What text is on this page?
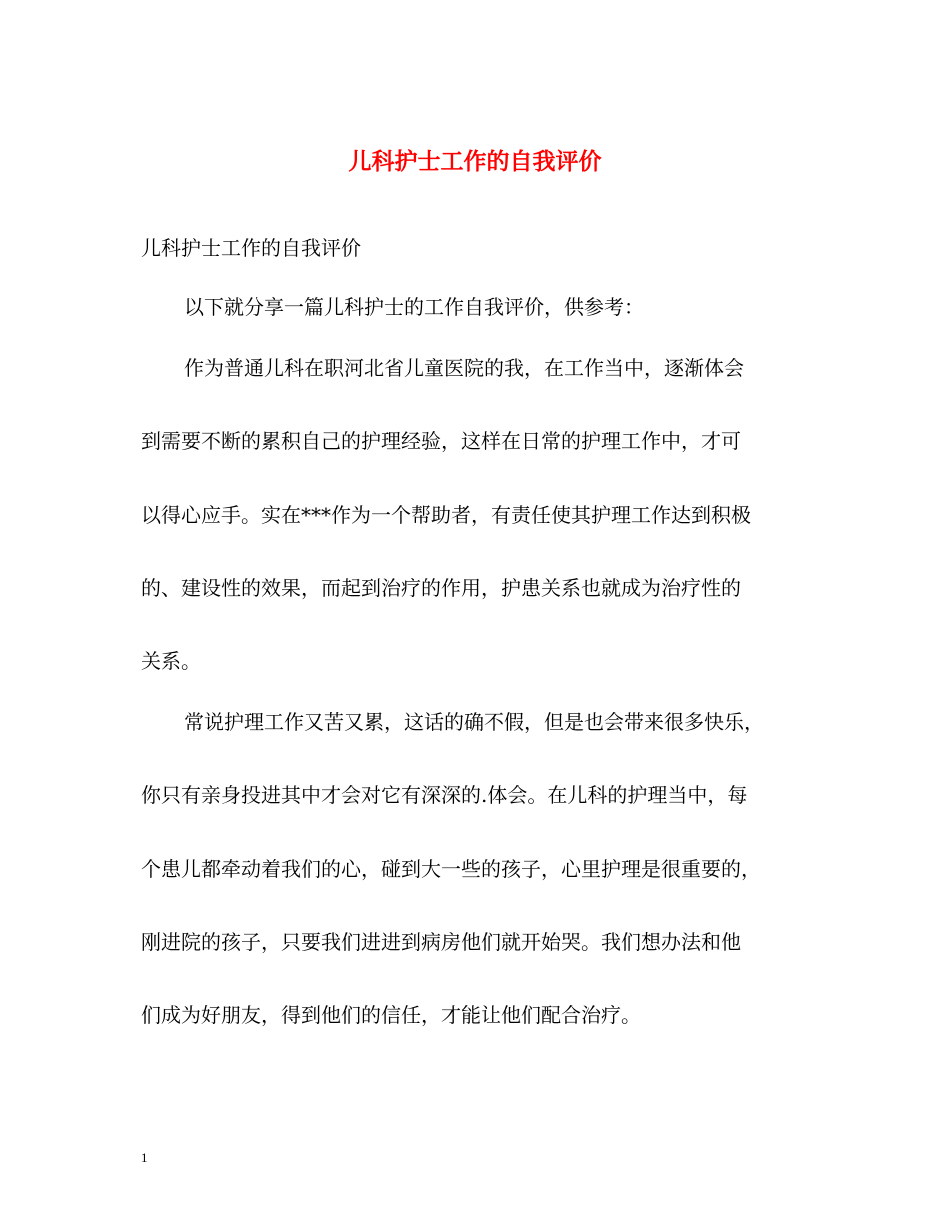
儿科护士工作的自我评价

儿科护士工作的自我评价

以下就分享一篇儿科护士的工作自我评价，供参考：

作为普通儿科在职河北省儿童医院的我，在工作当中，逐渐体会

到需要不断的累积自己的护理经验，这样在日常的护理工作中，才可

以得心应手。实在***作为一个帮助者，有责任使其护理工作达到积极

的、建设性的效果，而起到治疗的作用，护患关系也就成为治疗性的

关系。

常说护理工作又苦又累，这话的确不假，但是也会带来很多快乐，

你只有亲身投进其中才会对它有深深的.体会。在儿科的护理当中，每

个患儿都牵动着我们的心，碰到大一些的孩子，心里护理是很重要的，

刚进院的孩子，只要我们进进到病房他们就开始哭。我们想办法和他

们成为好朋友，得到他们的信任，才能让他们配合治疗。

1
